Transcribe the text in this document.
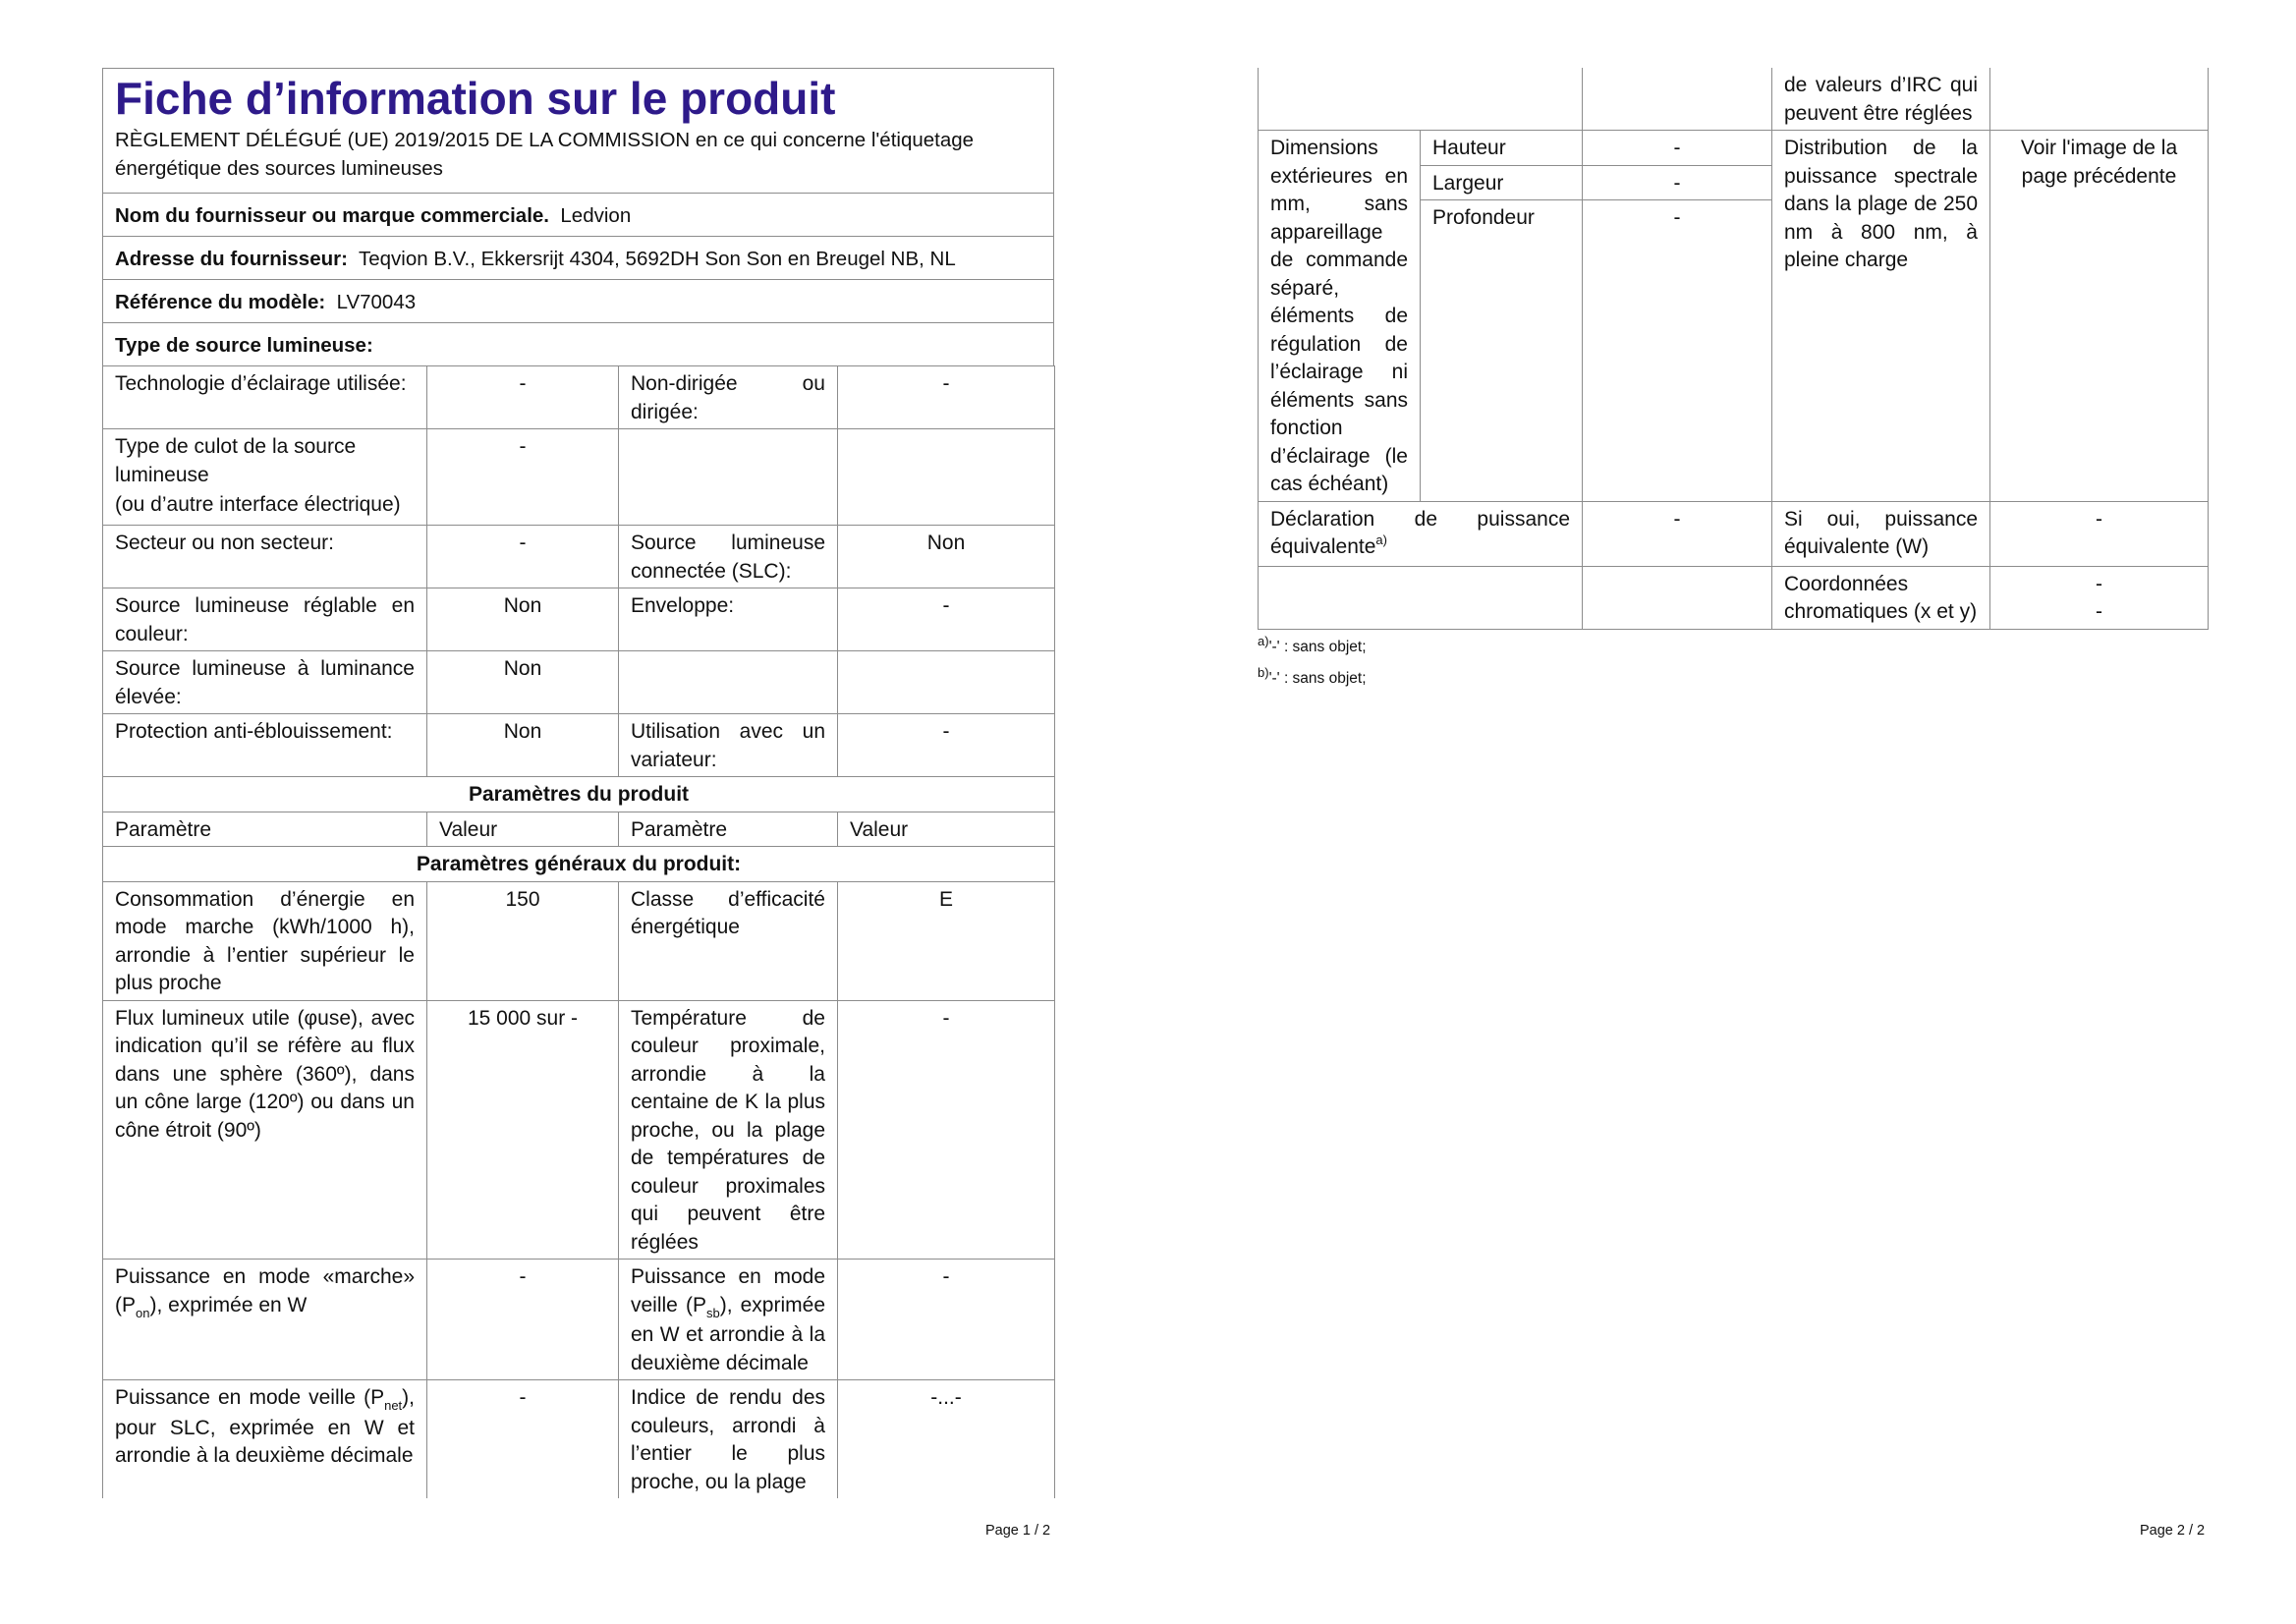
Fiche d’information sur le produit
RÈGLEMENT DÉLÉGUÉ (UE) 2019/2015 DE LA COMMISSION en ce qui concerne l'étiquetage énergétique des sources lumineuses
Nom du fournisseur ou marque commerciale. Ledvion
Adresse du fournisseur: Teqvion B.V., Ekkersrijt 4304, 5692DH Son Son en Breugel NB, NL
Référence du modèle: LV70043
Type de source lumineuse:
Technologie d’éclairage utilisée:	-	Non-dirigée ou dirigée:	-

Type de culot de la source lumineuse
(ou d’autre interface électrique)	-		
Secteur ou non secteur:	-	Source lumineuse connectée (SLC):	Non
Source lumineuse réglable en couleur:	Non	Enveloppe:	-
Source lumineuse à luminance élevée:	Non		
Protection anti-éblouissement:	Non	Utilisation avec un variateur:	-
Paramètres du produit			
Paramètre	Valeur	Paramètre	Valeur
Paramètres généraux du produit:			
Consommation d’énergie en mode marche (kWh/1000 h), arrondie à l’entier supérieur le plus proche	150	Classe d’efficacité énergétique	E
Flux lumineux utile (φuse), avec indication qu’il se réfère au flux dans une sphère (360º), dans un cône large (120º) ou dans un cône étroit (90º)	15 000 sur -	Température de couleur proximale, arrondie à la centaine de K la plus proche, ou la plage de températures de couleur proximales qui peuvent être réglées	-
Puissance en mode «marche» $(P_{on})$, exprimée en W	-	Puissance en mode veille $(P_{sb})$, exprimée en W et arrondie à la deuxième décimale	-
Puissance en mode veille $(P_{net})$, pour SLC, exprimée en W et arrondie à la deuxième décimale	-	Indice de rendu des couleurs, arrondi à l’entier le plus proche, ou la plage	-...-
Page 1 / 2
			de valeurs d’IRC qui peuvent être réglées	
Dimensions extérieures en mm, sans appareillage de commande séparé, éléments de régulation de l’éclairage ni éléments sans fonction d’éclairage (le cas échéant)	Hauteur	-	Distribution de la puissance spectrale dans la plage de 250 nm à 800 nm, à pleine charge	Voir l'image de la page précédente
	Largeur	-		
	Profondeur	-		
Déclaration de puissance équivalente$^{a)}$		-	Si oui, puissance équivalente (W)	-
			Coordonnées chromatiques (x et y)	-
-
$^{a)}$'-' : sans objet;
$^{b)}$'-' : sans objet;
Page 2 / 2
